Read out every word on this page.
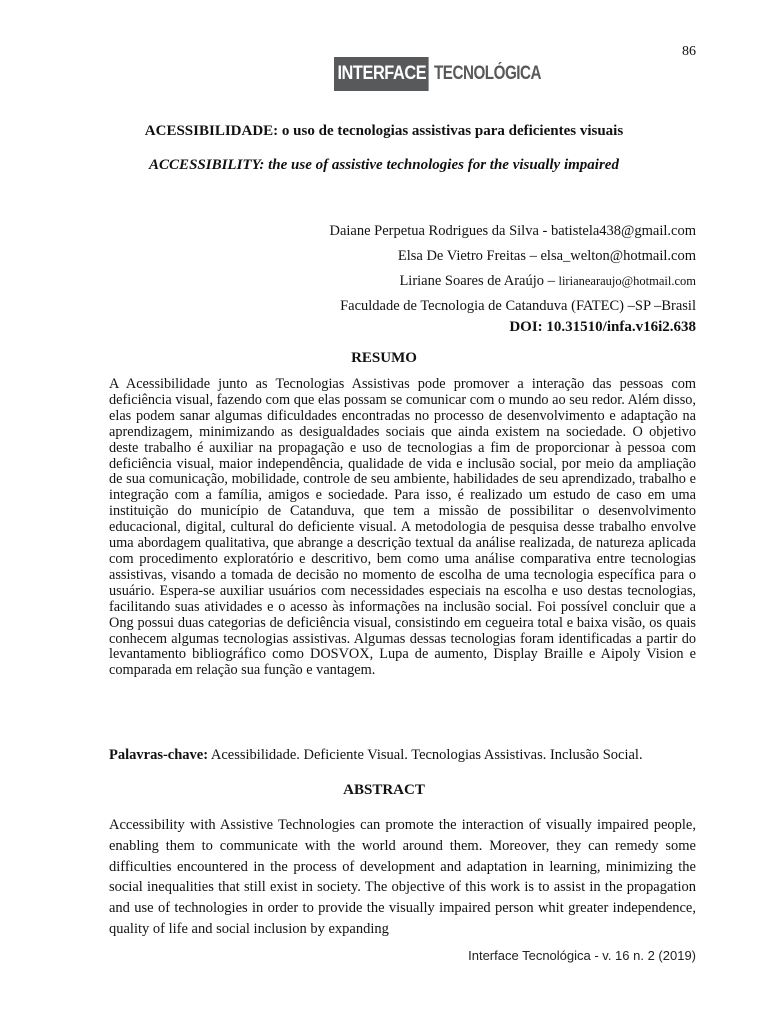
86
INTERFACE TECNOLÓGICA
ACESSIBILIDADE: o uso de tecnologias assistivas para deficientes visuais
ACCESSIBILITY: the use of assistive technologies for the visually impaired
Daiane Perpetua Rodrigues da Silva - batistela438@gmail.com
Elsa De Vietro Freitas – elsa_welton@hotmail.com
Liriane Soares de Araújo – lirianearaujo@hotmail.com
Faculdade de Tecnologia de Catanduva (FATEC) –SP –Brasil
DOI: 10.31510/infa.v16i2.638
RESUMO

A Acessibilidade junto as Tecnologias Assistivas pode promover a interação das pessoas com deficiência visual, fazendo com que elas possam se comunicar com o mundo ao seu redor. Além disso, elas podem sanar algumas dificuldades encontradas no processo de desenvolvimento e adaptação na aprendizagem, minimizando as desigualdades sociais que ainda existem na sociedade. O objetivo deste trabalho é auxiliar na propagação e uso de tecnologias a fim de proporcionar à pessoa com deficiência visual, maior independência, qualidade de vida e inclusão social, por meio da ampliação de sua comunicação, mobilidade, controle de seu ambiente, habilidades de seu aprendizado, trabalho e integração com a família, amigos e sociedade. Para isso, é realizado um estudo de caso em uma instituição do município de Catanduva, que tem a missão de possibilitar o desenvolvimento educacional, digital, cultural do deficiente visual. A metodologia de pesquisa desse trabalho envolve uma abordagem qualitativa, que abrange a descrição textual da análise realizada, de natureza aplicada com procedimento exploratório e descritivo, bem como uma análise comparativa entre tecnologias assistivas, visando a tomada de decisão no momento de escolha de uma tecnologia específica para o usuário. Espera-se auxiliar usuários com necessidades especiais na escolha e uso destas tecnologias, facilitando suas atividades e o acesso às informações na inclusão social. Foi possível concluir que a Ong possui duas categorias de deficiência visual, consistindo em cegueira total e baixa visão, os quais conhecem algumas tecnologias assistivas. Algumas dessas tecnologias foram identificadas a partir do levantamento bibliográfico como DOSVOX, Lupa de aumento, Display Braille e Aipoly Vision e comparada em relação sua função e vantagem.

Palavras-chave: Acessibilidade. Deficiente Visual. Tecnologias Assistivas. Inclusão Social.
ABSTRACT

Accessibility with Assistive Technologies can promote the interaction of visually impaired people, enabling them to communicate with the world around them. Moreover, they can remedy some difficulties encountered in the process of development and adaptation in learning, minimizing the social inequalities that still exist in society. The objective of this work is to assist in the propagation and use of technologies in order to provide the visually impaired person whit greater independence, quality of life and social inclusion by expanding

Interface Tecnológica - v. 16 n. 2 (2019)
